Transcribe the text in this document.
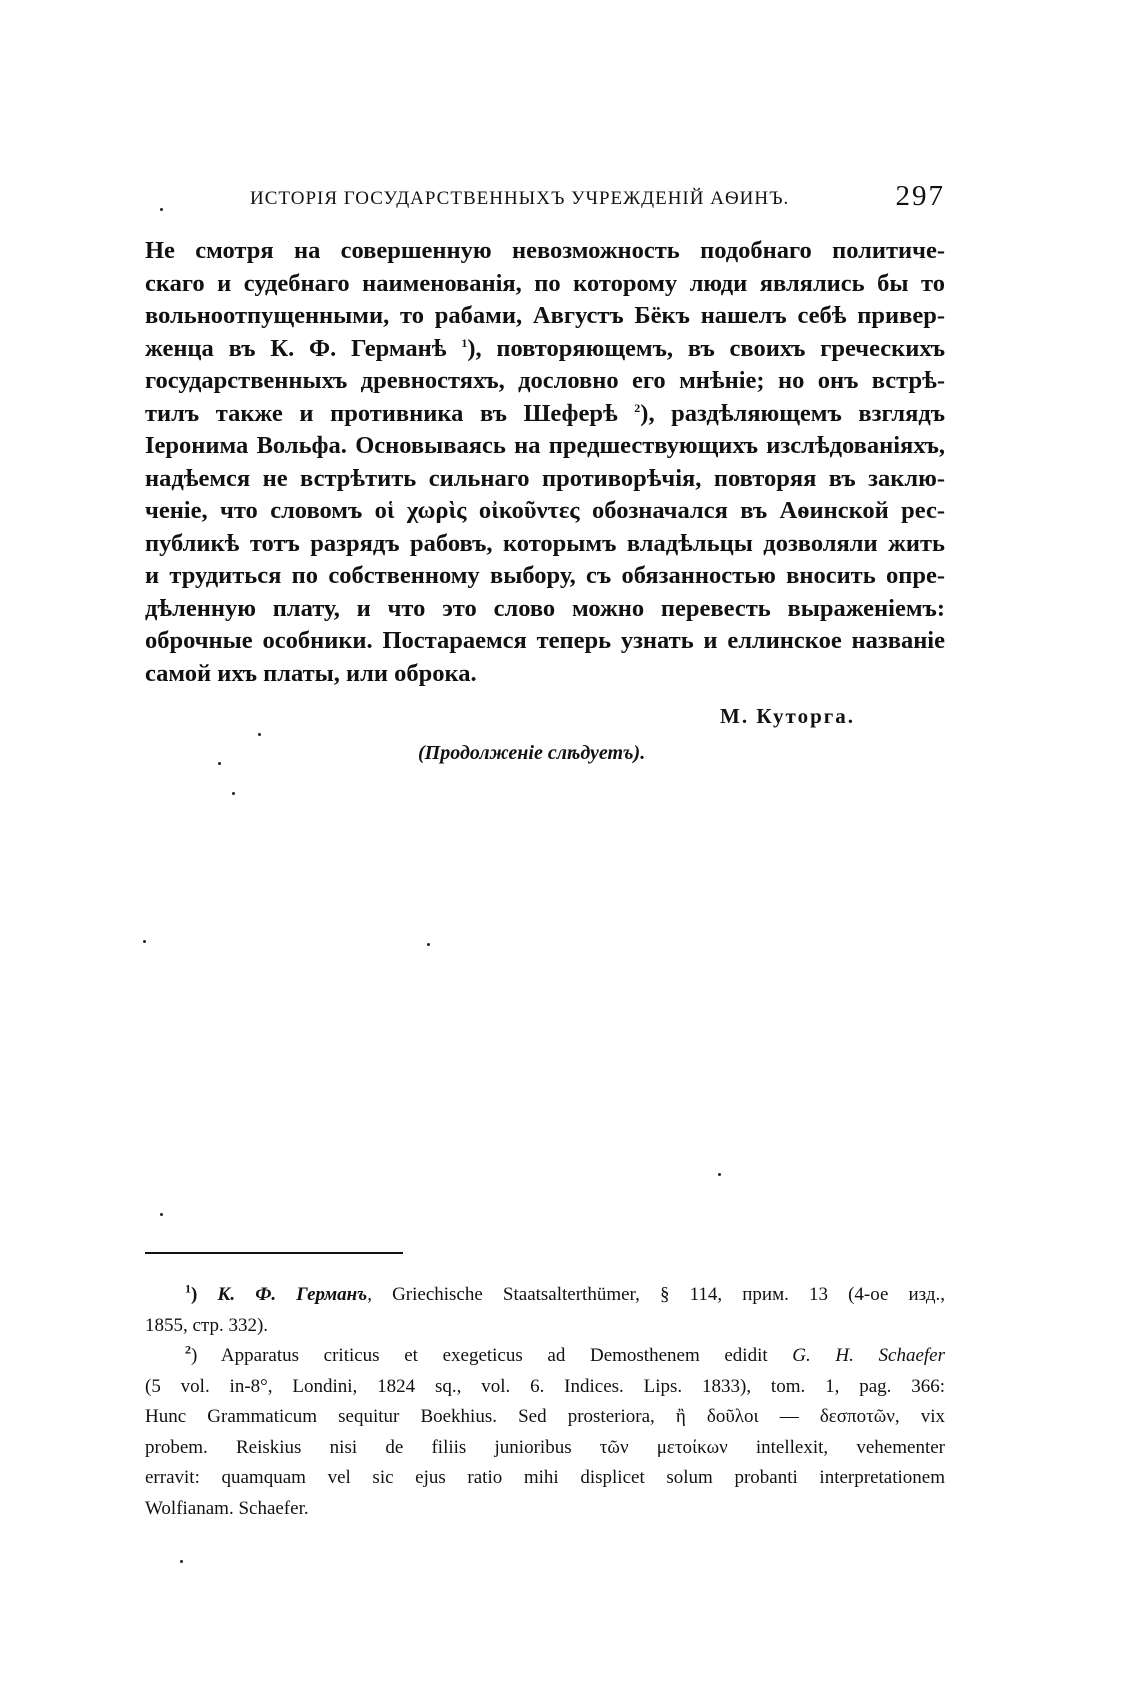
ИСТОРІЯ ГОСУДАРСТВЕННЫХЪ УЧРЕЖДЕНІЙ АѲИНЪ.	297
Не смотря на совершенную невозможность подобнаго политиче-
скаго и судебнаго наименованія, по которому люди являлись бы то
вольноотпущенными, то рабами, Августъ Бёкъ нашелъ себѣ привер-
женца въ К. Ф. Германѣ $^1$), повторяющемъ, въ своихъ греческихъ
государственныхъ древностяхъ, дословно его мнѣніе; но онъ встрѣ-
тилъ также и противника въ Шеферѣ $^2$), раздѣляющемъ взглядъ
Іеронима Вольфа. Основываясь на предшествующихъ изслѣдованіяхъ,
надѣемся не встрѣтить сильнаго противорѣчія, повторяя въ заклю-
ченіе, что словомъ οἱ χωρὶς οἰκοῦντες обозначался въ Аѳинской рес-
публикѣ тотъ разрядъ рабовъ, которымъ владѣльцы дозволяли жить
и трудиться по собственному выбору, съ обязанностью вносить опре-
дѣленную плату, и что это слово можно перевесть выраженіемъ:
оброчные особники. Постараемся теперь узнать и еллинское названіе
самой ихъ платы, или оброка.
М. Куторга.
(Продолженіе слѣдуетъ).
$^1$) К. Ф. Германъ, Griechische Staatsalterthümer, § 114, прим. 13 (4-ое изд.,
1855, стр. 332).
$^2$) Apparatus criticus et exegeticus ad Demosthenem edidit G. H. Schaefer
(5 vol. in-8°, Londini, 1824 sq., vol. 6. Indices. Lips. 1833), tom. 1, pag. 366:
Hunc Grammaticum sequitur Boekhius. Sed prosteriora, ἢ δοῦλοι — δεσποτῶν, vix
probem. Reiskius nisi de filiis junioribus τῶν μετοίκων intellexit, vehementer
erravit: quamquam vel sic ejus ratio mihi displicet solum probanti interpretationem
Wolfianam. Schaefer.
